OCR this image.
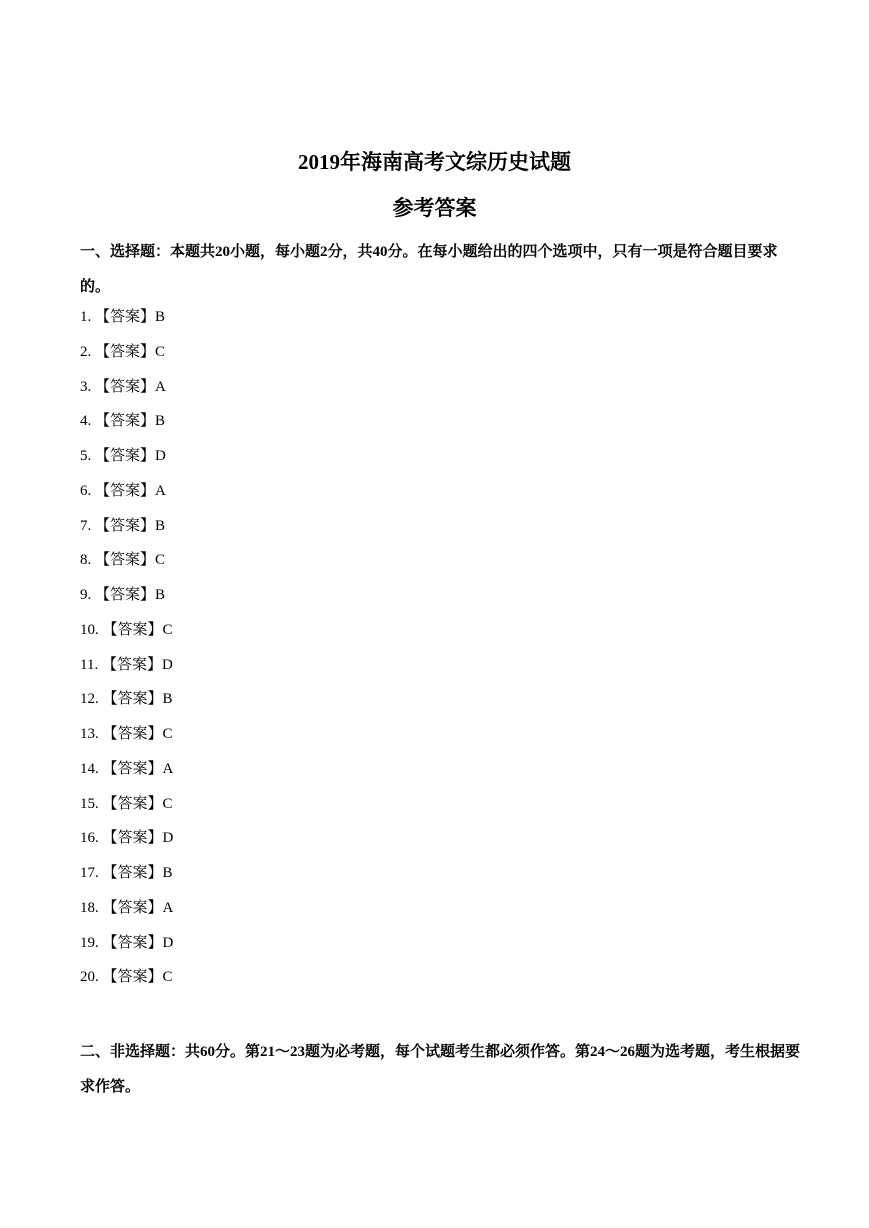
2019年海南高考文综历史试题
参考答案
一、选择题：本题共20小题，每小题2分，共40分。在每小题给出的四个选项中，只有一项是符合题目要求的。
1. 【答案】B
2. 【答案】C
3. 【答案】A
4. 【答案】B
5. 【答案】D
6. 【答案】A
7. 【答案】B
8. 【答案】C
9. 【答案】B
10. 【答案】C
11. 【答案】D
12. 【答案】B
13. 【答案】C
14. 【答案】A
15. 【答案】C
16. 【答案】D
17. 【答案】B
18. 【答案】A
19. 【答案】D
20. 【答案】C
二、非选择题：共60分。第21～23题为必考题，每个试题考生都必须作答。第24～26题为选考题，考生根据要求作答。
